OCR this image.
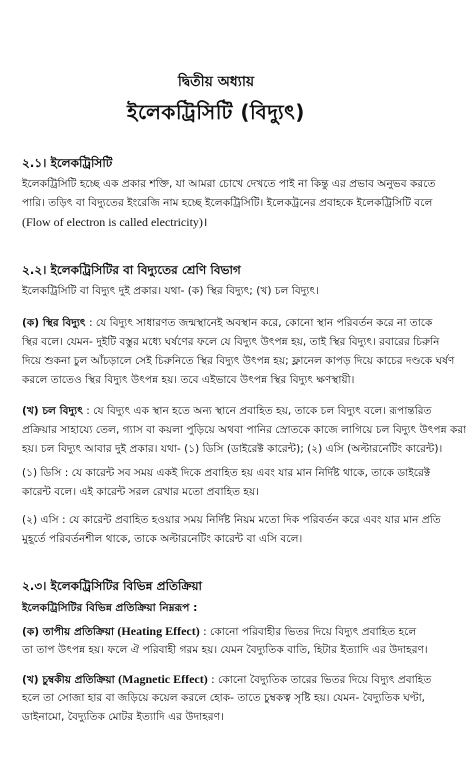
দ্বিতীয় অধ্যায়
ইলেকট্রিসিটি (বিদ্যুৎ)
২.১। ইলেকট্রিসিটি
ইলেকট্রিসিটি হচ্ছে এক প্রকার শক্তি, যা আমরা চোখে দেখতে পাই না কিন্তু এর প্রভাব অনুভব করতে
পারি। তড়িৎ বা বিদ্যুতের ইংরেজি নাম হচ্ছে ইলেকট্রিসিটি। ইলেকট্রনের প্রবাহকে ইলেকট্রিসিটি বলে
(Flow of electron is called electricity)।
২.২। ইলেকট্রিসিটির বা বিদ্যুতের শ্রেণি বিভাগ
ইলেকট্রিসিটি বা বিদ্যুৎ দুই প্রকার। যথা- (ক) স্থির বিদ্যুৎ; (খ) চল বিদ্যুৎ।
(ক) স্থির বিদ্যুৎ : যে বিদ্যুৎ সাধারণত জন্মস্থানেই অবস্থান করে, কোনো স্থান পরিবর্তন করে না তাকে
স্থির বলে। যেমন- দুইটি বস্তুর মধ্যে ঘর্ষণের ফলে যে বিদ্যুৎ উৎপন্ন হয়, তাই স্থির বিদ্যুৎ। রবারের চিরুনি
দিয়ে শুকনা চুল আঁচড়ালে সেই চিরুনিতে স্থির বিদ্যুৎ উৎপন্ন হয়; ফ্লানেল কাপড় দিয়ে কাচের দণ্ডকে ঘর্ষণ
করলে তাতেও স্থির বিদ্যুৎ উৎপন্ন হয়। তবে এইভাবে উৎপন্ন স্থির বিদ্যুৎ ক্ষণস্থায়ী।
(খ) চল বিদ্যুৎ : যে বিদ্যুৎ এক স্থান হতে অন্য স্থানে প্রবাহিত হয়, তাকে চল বিদ্যুৎ বলে। রূপান্তরিত
প্রক্রিয়ার সাহায্যে তেল, গ্যাস বা কয়লা পুড়িয়ে অথবা পানির স্রোতকে কাজে লাগিয়ে চল বিদ্যুৎ উৎপন্ন করা
হয়। চল বিদ্যুৎ আবার দুই প্রকার। যথা- (১) ডিসি (ডাইরেক্ট কারেন্ট); (২) এসি (অল্টারনেটিং কারেন্ট)।
(১) ডিসি : যে কারেন্ট সব সময় একই দিকে প্রবাহিত হয় এবং যার মান নির্দিষ্ট থাকে, তাকে ডাইরেক্ট
কারেন্ট বলে। এই কারেন্ট সরল রেখার মতো প্রবাহিত হয়।
(২) এসি : যে কারেন্ট প্রবাহিত হওয়ার সময় নির্দিষ্ট নিয়ম মতো দিক পরিবর্তন করে এবং যার মান প্রতি
মুহূর্তে পরিবর্তনশীল থাকে, তাকে অল্টারনেটিং কারেন্ট বা এসি বলে।
২.৩। ইলেকট্রিসিটির বিভিন্ন প্রতিক্রিয়া
ইলেকট্রিসিটির বিভিন্ন প্রতিক্রিয়া নিম্নরূপ :
(ক) তাপীয় প্রতিক্রিয়া (Heating Effect) : কোনো পরিবাহীর ভিতর দিয়ে বিদ্যুৎ প্রবাহিত হলে
তা তাপ উৎপন্ন হয়। ফলে ঐ পরিবাহী গরম হয়। যেমন বৈদ্যুতিক বাতি, হিটার ইত্যাদি এর উদাহরণ।
(খ) চুম্বকীয় প্রতিক্রিয়া (Magnetic Effect) : কোনো বৈদ্যুতিক তারের ভিতর দিয়ে বিদ্যুৎ প্রবাহিত
হলে তা সোজা হার বা জড়িয়ে কয়েল করলে হোক- তাতে চুম্বকত্ব সৃষ্টি হয়। যেমন- বৈদ্যুতিক ঘণ্টা,
ডাইনামো, বৈদ্যুতিক মোটর ইত্যাদি এর উদাহরণ।
